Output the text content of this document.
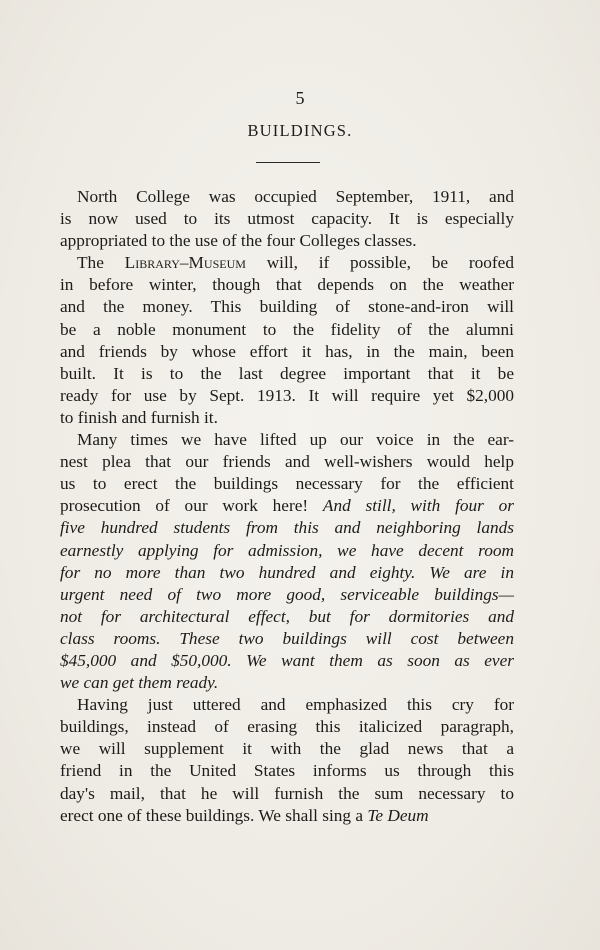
5
BUILDINGS.
North College was occupied September, 1911, and
is now used to its utmost capacity. It is especially
appropriated to the use of the four Colleges classes.
The Library–Museum will, if possible, be roofed
in before winter, though that depends on the weather
and the money. This building of stone-and-iron will
be a noble monument to the fidelity of the alumni
and friends by whose effort it has, in the main, been
built. It is to the last degree important that it be
ready for use by Sept. 1913. It will require yet $2,000
to finish and furnish it.
Many times we have lifted up our voice in the ear-
nest plea that our friends and well-wishers would help
us to erect the buildings necessary for the efficient
prosecution of our work here! And still, with four or
five hundred students from this and neighboring lands
earnestly applying for admission, we have decent room
for no more than two hundred and eighty. We are in
urgent need of two more good, serviceable buildings—
not for architectural effect, but for dormitories and
class rooms. These two buildings will cost between
$45,000 and $50,000. We want them as soon as ever
we can get them ready.
Having just uttered and emphasized this cry for
buildings, instead of erasing this italicized paragraph,
we will supplement it with the glad news that a
friend in the United States informs us through this
day's mail, that he will furnish the sum necessary to
erect one of these buildings. We shall sing a Te Deum
